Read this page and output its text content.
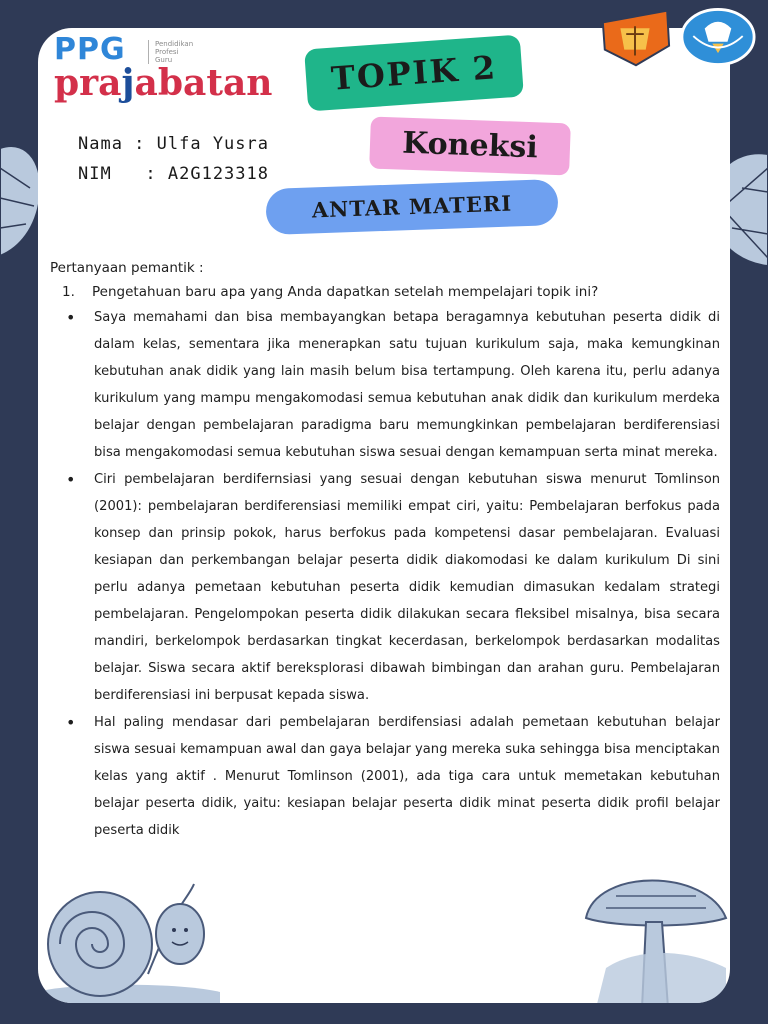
PPG	Pendidikan
Profesi
Guru
prajabatan
Nama : Ulfa Yusra
NIM   : A2G123318
TOPIK 2
Koneksi
ANTAR MATERI

Pertanyaan pemantik :

1.	Pengetahuan baru apa yang Anda dapatkan setelah mempelajari topik ini?
• Saya memahami dan bisa membayangkan betapa beragamnya kebutuhan peserta didik di dalam kelas, sementara jika menerapkan satu tujuan kurikulum saja, maka kemungkinan kebutuhan anak didik yang lain masih belum bisa tertampung. Oleh karena itu, perlu adanya kurikulum yang mampu mengakomodasi semua kebutuhan anak didik dan kurikulum merdeka belajar dengan pembelajaran paradigma baru memungkinkan pembelajaran berdiferensiasi bisa mengakomodasi semua kebutuhan siswa sesuai dengan kemampuan serta minat mereka.
• Ciri pembelajaran berdifernsiasi yang sesuai dengan kebutuhan siswa menurut Tomlinson (2001): pembelajaran berdiferensiasi memiliki empat ciri, yaitu: Pembelajaran berfokus pada konsep dan prinsip pokok, harus berfokus pada kompetensi dasar pembelajaran. Evaluasi kesiapan dan perkembangan belajar peserta didik diakomodasi ke dalam kurikulum Di sini perlu adanya pemetaan kebutuhan peserta didik kemudian dimasukan kedalam strategi pembelajaran. Pengelompokan peserta didik dilakukan secara fleksibel misalnya, bisa secara mandiri, berkelompok berdasarkan tingkat kecerdasan, berkelompok berdasarkan modalitas belajar. Siswa secara aktif bereksplorasi dibawah bimbingan dan arahan guru. Pembelajaran berdiferensiasi ini berpusat kepada siswa.
• Hal paling mendasar dari pembelajaran berdifensiasi adalah pemetaan kebutuhan belajar siswa sesuai kemampuan awal dan gaya belajar yang mereka suka sehingga bisa menciptakan kelas yang aktif . Menurut Tomlinson (2001), ada tiga cara untuk memetakan kebutuhan belajar peserta didik, yaitu: kesiapan belajar peserta didik minat peserta didik profil belajar peserta didik
